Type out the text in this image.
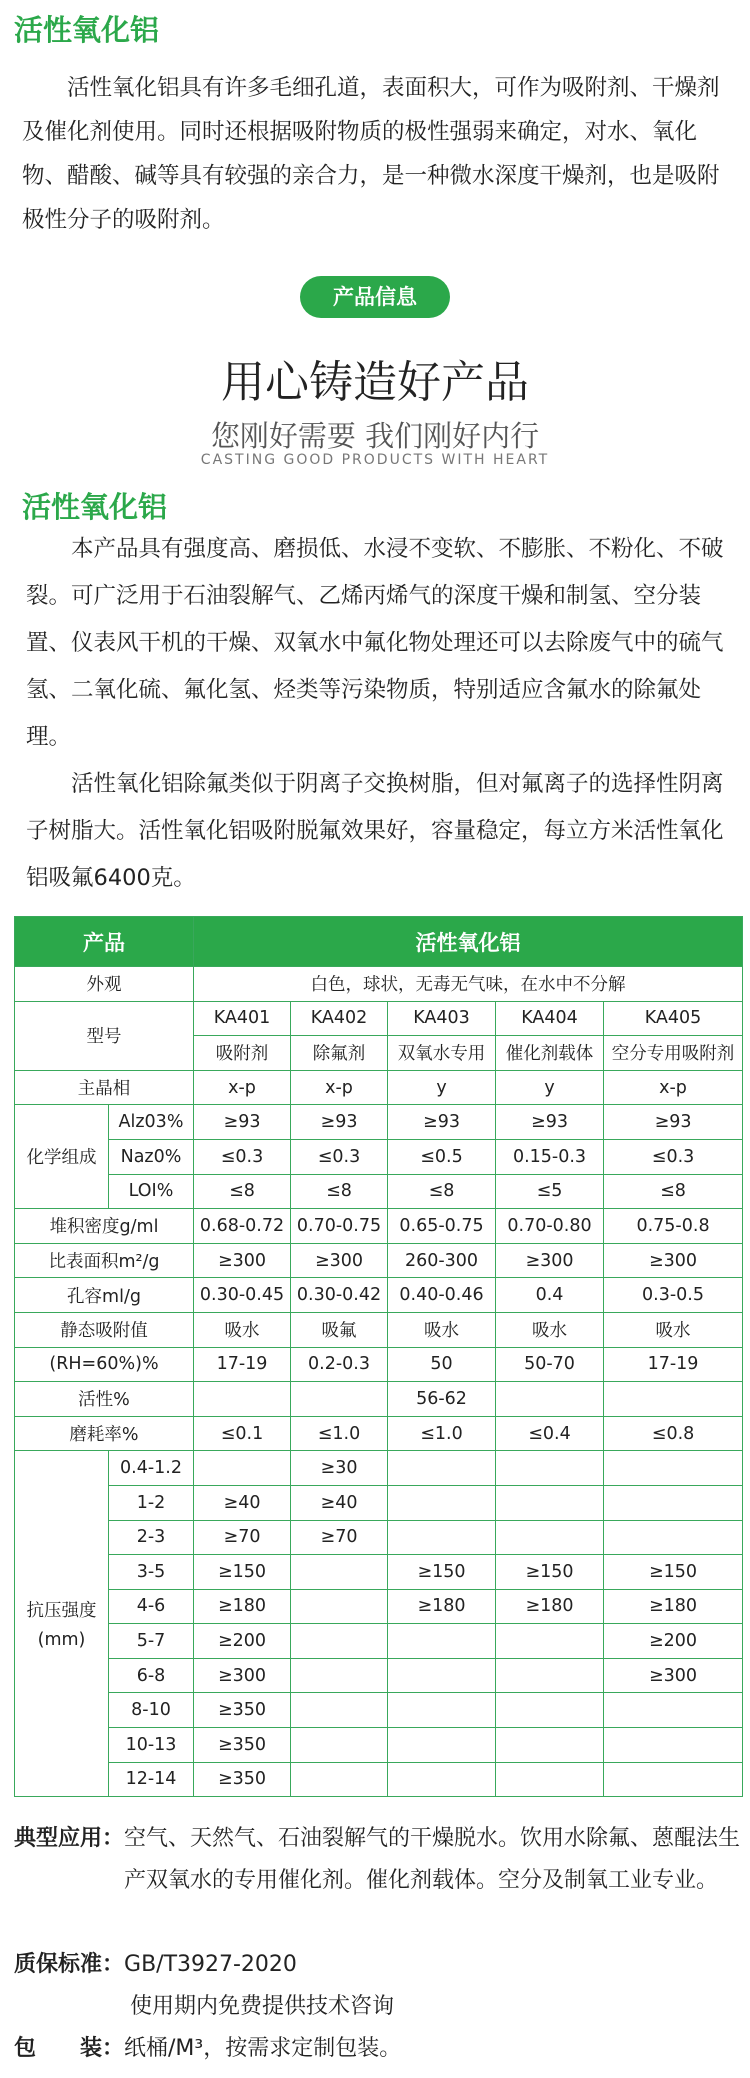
活性氧化铝

活性氧化铝具有许多毛细孔道，表面积大，可作为吸附剂、干燥剂及催化剂使用。同时还根据吸附物质的极性强弱来确定，对水、氧化物、醋酸、碱等具有较强的亲合力，是一种微水深度干燥剂，也是吸附极性分子的吸附剂。

产品信息
用心铸造好产品
您刚好需要 我们刚好内行
CASTING GOOD PRODUCTS WITH HEART
活性氧化铝

本产品具有强度高、磨损低、水浸不变软、不膨胀、不粉化、不破裂。可广泛用于石油裂解气、乙烯丙烯气的深度干燥和制氢、空分装置、仪表风干机的干燥、双氧水中氟化物处理还可以去除废气中的硫气氢、二氧化硫、氟化氢、烃类等污染物质，特别适应含氟水的除氟处理。

活性氧化铝除氟类似于阴离子交换树脂，但对氟离子的选择性阴离子树脂大。活性氧化铝吸附脱氟效果好，容量稳定，每立方米活性氧化铝吸氟6400克。

产品		活性氧化铝				
外观		白色，球状，无毒无气味，在水中不分解				
型号		KA401	KA402	KA403	KA404	KA405
		吸附剂	除氟剂	双氧水专用	催化剂载体	空分专用吸附剂
主晶相		x-p	x-p	y	y	x-p
化学组成	Alz03%	≥93	≥93	≥93	≥93	≥93
	Naz0%	≤0.3	≤0.3	≤0.5	0.15-0.3	≤0.3
	LOI%	≤8	≤8	≤8	≤5	≤8
堆积密度g/ml		0.68-0.72	0.70-0.75	0.65-0.75	0.70-0.80	0.75-0.8
比表面积m²/g		≥300	≥300	260-300	≥300	≥300
孔容ml/g		0.30-0.45	0.30-0.42	0.40-0.46	0.4	0.3-0.5
静态吸附值		吸水	吸氟	吸水	吸水	吸水
(RH=60%)%		17-19	0.2-0.3	50	50-70	17-19
活性%				56-62		
磨耗率%		≤0.1	≤1.0	≤1.0	≤0.4	≤0.8

抗压强度
(mm)	0.4-1.2		≥30			
	1-2	≥40	≥40			
	2-3	≥70	≥70			
	3-5	≥150		≥150	≥150	≥150
	4-6	≥180		≥180	≥180	≥180
	5-7	≥200				≥200
	6-8	≥300				≥300
	8-10	≥350				
	10-13	≥350				
	12-14	≥350				
典型应用： 空气、天然气、石油裂解气的干燥脱水。饮用水除氟、蒽醌法生产双氧水的专用催化剂。催化剂载体。空分及制氧工业专业。
质保标准： GB/T3927-2020
使用期内免费提供技术咨询
包　　装： 纸桶/M³，按需求定制包装。
